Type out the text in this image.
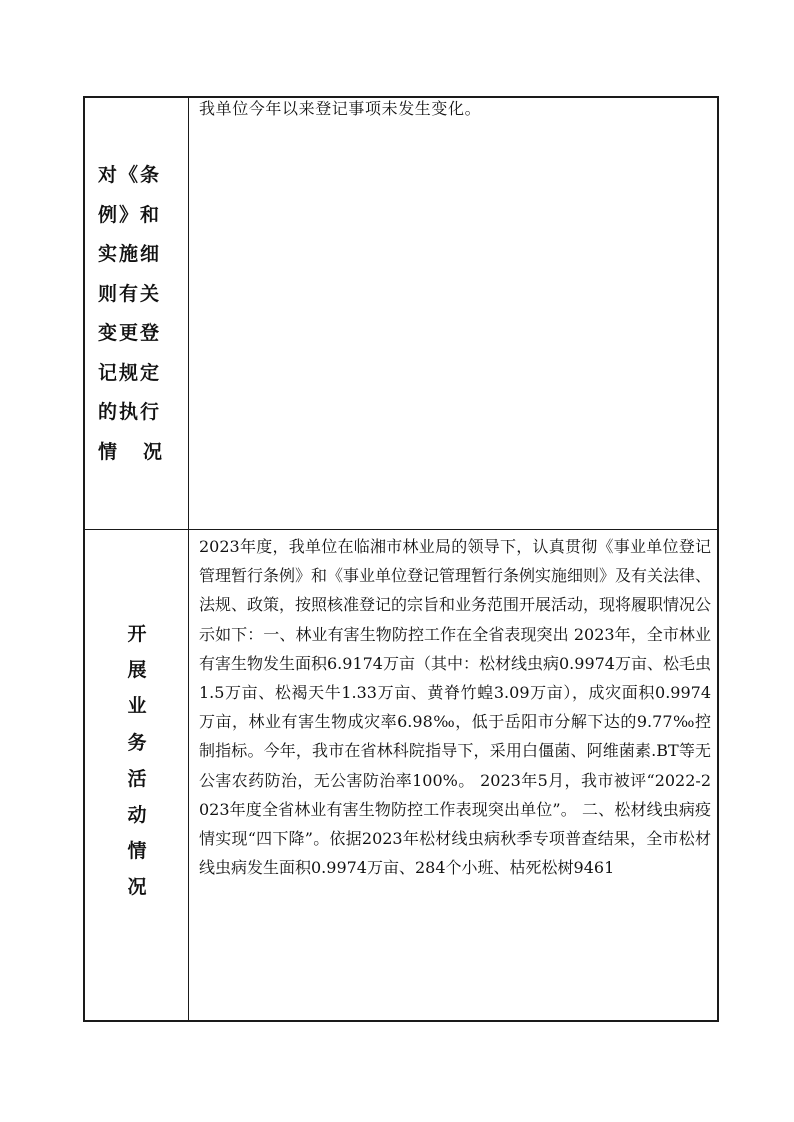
对《条例》和实施细则有关变更登记规定的执行
情况
我单位今年以来登记事项未发生变化。
开
展
业
务
活
动
情
况
2023年度，我单位在临湘市林业局的领导下，认真贯彻《事业单位登记管理暂行条例》和《事业单位登记管理暂行条例实施细则》及有关法律、法规、政策，按照核准登记的宗旨和业务范围开展活动，现将履职情况公示如下：一、林业有害生物防控工作在全省表现突出 2023年，全市林业有害生物发生面积6.9174万亩（其中：松材线虫病0.9974万亩、松毛虫1.5万亩、松褐天牛1.33万亩、黄脊竹蝗3.09万亩），成灾面积0.9974万亩，林业有害生物成灾率6.98‰，低于岳阳市分解下达的9.77‰控制指标。今年，我市在省林科院指导下，采用白僵菌、阿维菌素.BT等无公害农药防治，无公害防治率100%。 2023年5月，我市被评“2022-2023年度全省林业有害生物防控工作表现突出单位”。 二、松材线虫病疫情实现“四下降”。依据2023年松材线虫病秋季专项普查结果，全市松材线虫病发生面积0.9974万亩、284个小班、枯死松树9461
